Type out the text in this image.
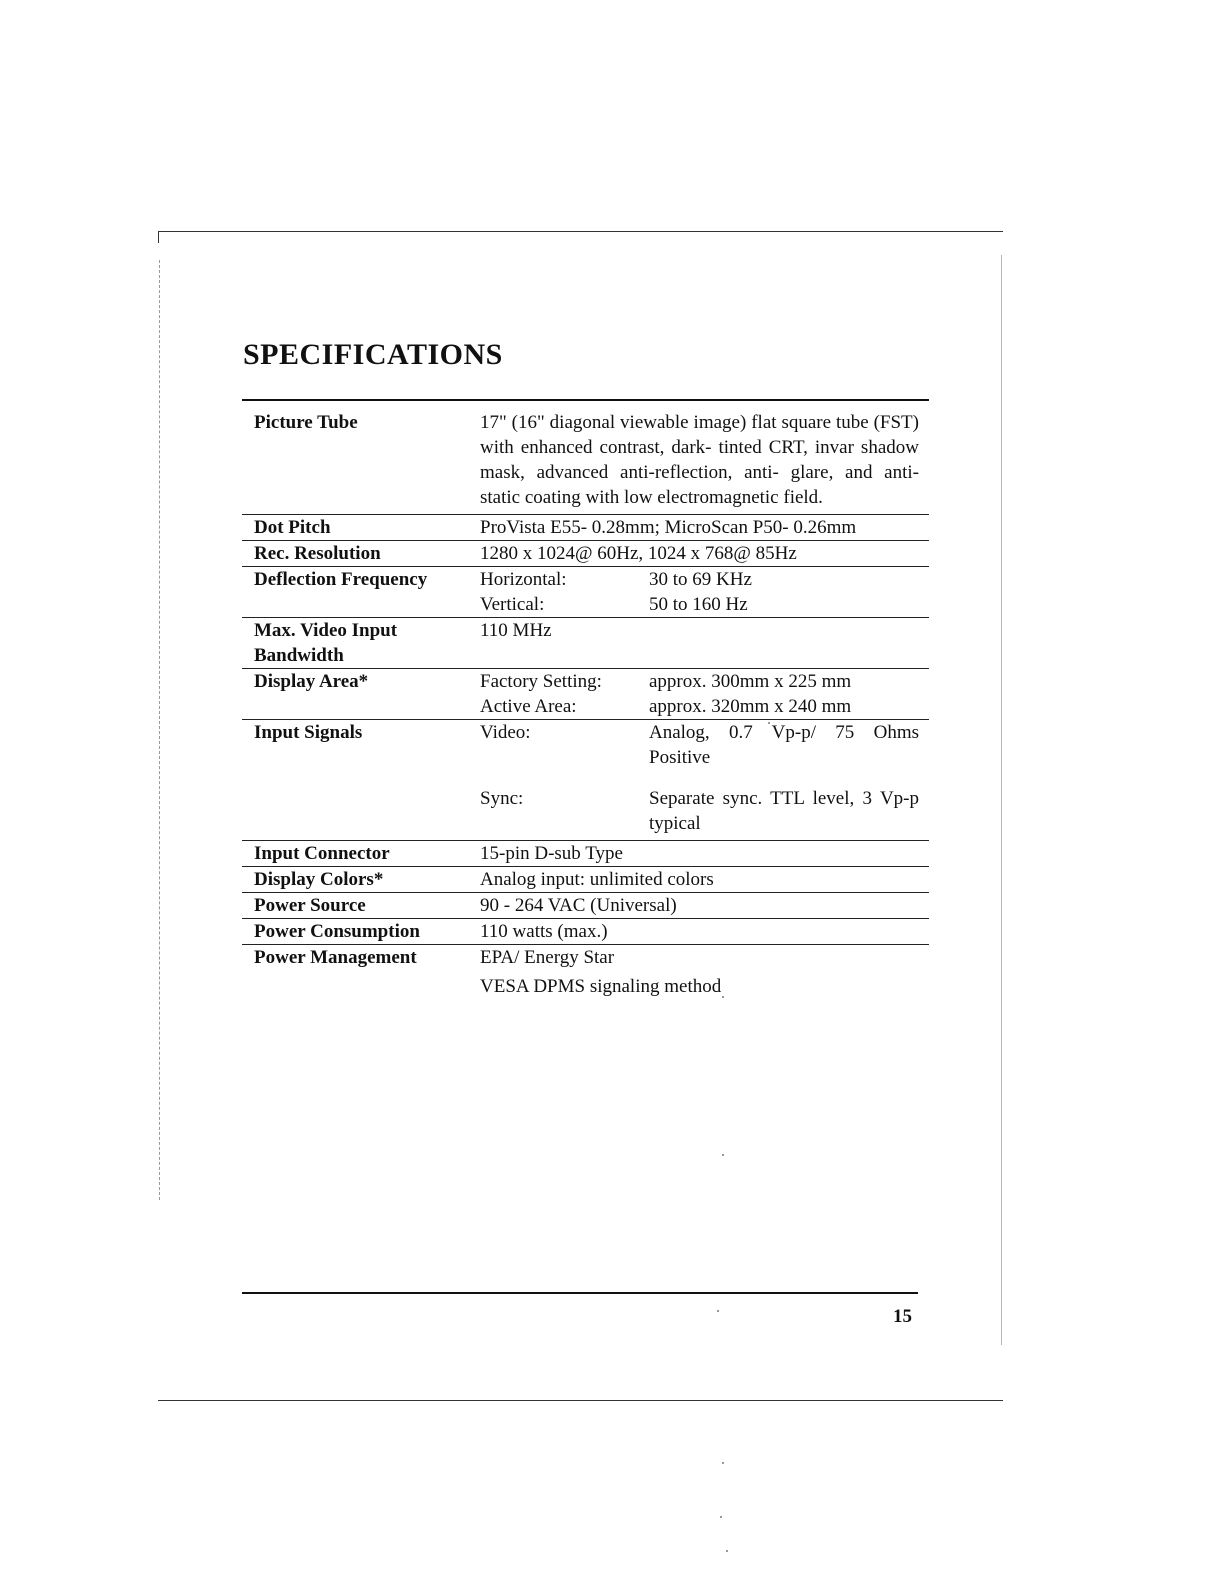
SPECIFICATIONS
Picture Tube	17" (16" diagonal viewable image) flat square tube (FST) with enhanced contrast, dark- tinted CRT, invar shadow mask, advanced anti-reflection, anti- glare, and anti- static coating with low electromagnetic field.	
Dot Pitch	ProVista E55- 0.28mm; MicroScan P50- 0.26mm	
Rec. Resolution	1280 x 1024@ 60Hz, 1024 x 768@ 85Hz	
Deflection Frequency	Horizontal:	30 to 69 KHz
	Vertical:	50 to 160 Hz
Max. Video Input
Bandwidth	110 MHz	
Display Area*	Factory Setting:	approx. 300mm x 225 mm
	Active Area:	approx. 320mm x 240 mm
Input Signals	Video:	Analog, 0.7 Vp-p/ 75 Ohms Positive
	Sync:	Separate sync. TTL level, 3 Vp-p typical
Input Connector	15-pin D-sub Type	
Display Colors*	Analog input: unlimited colors	
Power Source	90 - 264 VAC (Universal)	
Power Consumption	110 watts (max.)	
Power Management	EPA/ Energy Star	
	VESA DPMS signaling method	
15
